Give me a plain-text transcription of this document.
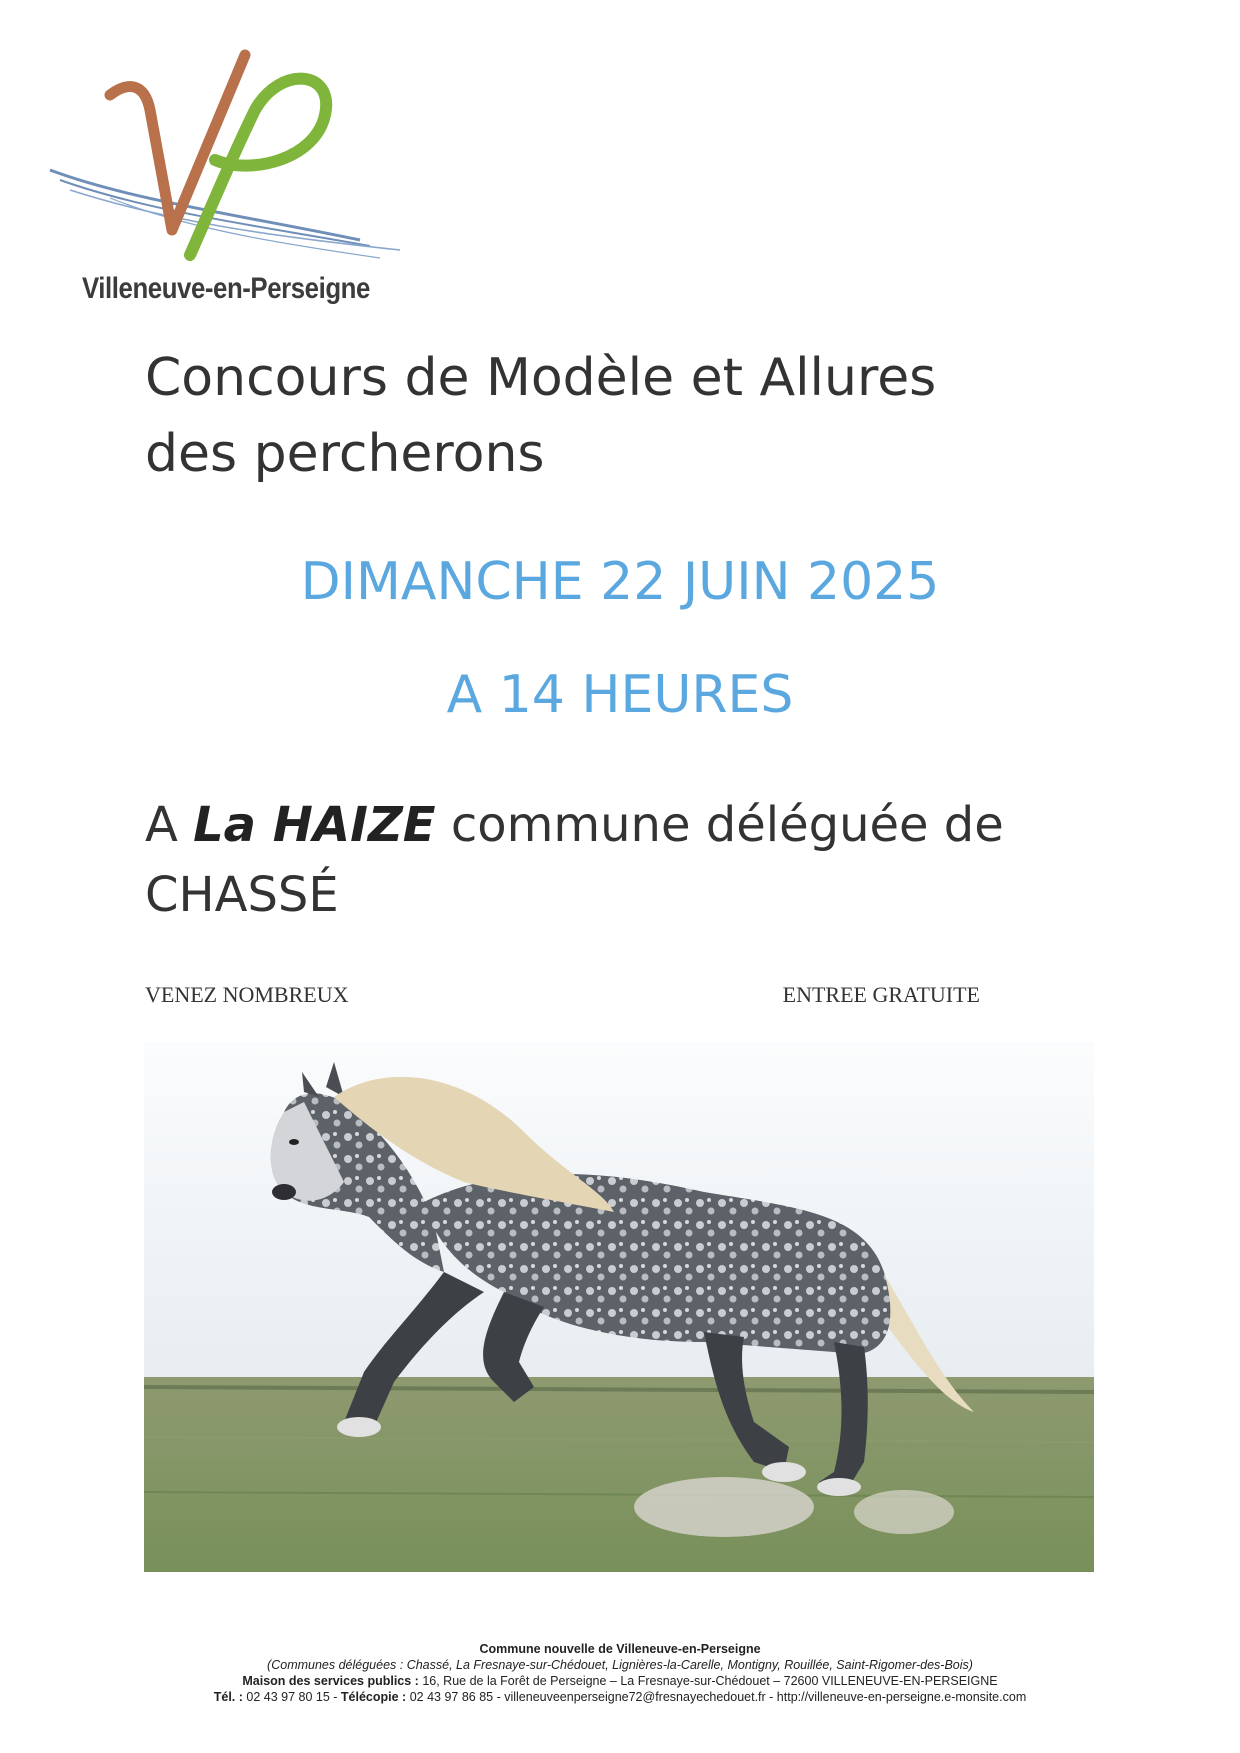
Villeneuve-en-Perseigne
Concours de Modèle et Allures
des percherons
DIMANCHE 22 JUIN 2025
A 14 HEURES
A La HAIZE commune déléguée de
CHASSÉ
VENEZ NOMBREUX	ENTREE GRATUITE
Commune nouvelle de Villeneuve-en-Perseigne
(Communes déléguées : Chassé, La Fresnaye-sur-Chédouet, Lignières-la-Carelle, Montigny, Rouillée, Saint-Rigomer-des-Bois)
Maison des services publics : 16, Rue de la Forêt de Perseigne – La Fresnaye-sur-Chédouet – 72600 VILLENEUVE-EN-PERSEIGNE
Tél. : 02 43 97 80 15 - Télécopie : 02 43 97 86 85 - villeneuveenperseigne72@fresnayechedouet.fr - http://villeneuve-en-perseigne.e-monsite.com
